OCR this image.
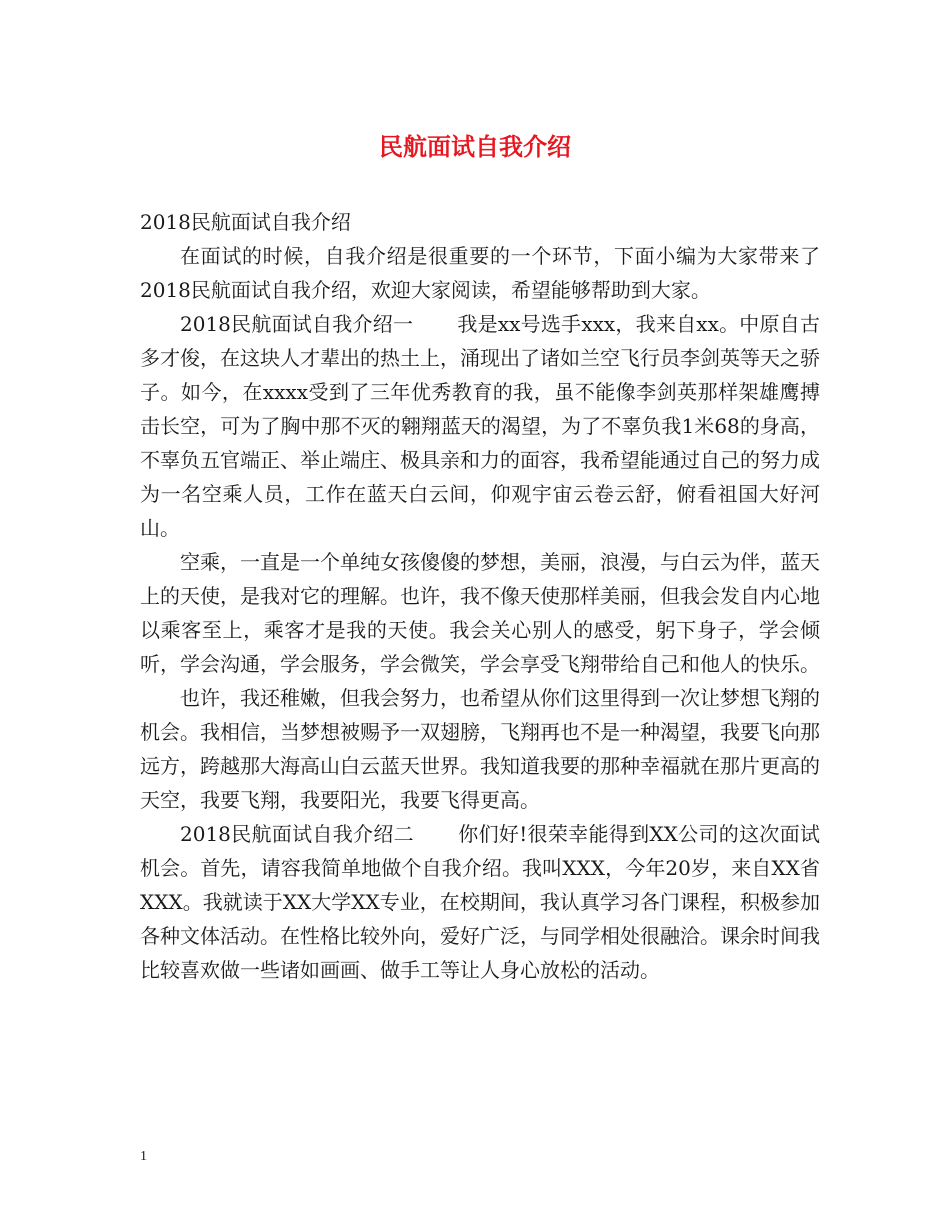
民航面试自我介绍

2018民航面试自我介绍

在面试的时候，自我介绍是很重要的一个环节，下面小编为大家带来了2018民航面试自我介绍，欢迎大家阅读，希望能够帮助到大家。

2018民航面试自我介绍一 我是xx号选手xxx，我来自xx。中原自古多才俊，在这块人才辈出的热土上，涌现出了诸如兰空飞行员李剑英等天之骄子。如今，在xxxx受到了三年优秀教育的我，虽不能像李剑英那样架雄鹰搏击长空，可为了胸中那不灭的翱翔蓝天的渴望，为了不辜负我1米68的身高，不辜负五官端正、举止端庄、极具亲和力的面容，我希望能通过自己的努力成为一名空乘人员，工作在蓝天白云间，仰观宇宙云卷云舒，俯看祖国大好河山。

空乘，一直是一个单纯女孩傻傻的梦想，美丽，浪漫，与白云为伴，蓝天上的天使，是我对它的理解。也许，我不像天使那样美丽，但我会发自内心地以乘客至上，乘客才是我的天使。我会关心别人的感受，躬下身子，学会倾听，学会沟通，学会服务，学会微笑，学会享受飞翔带给自己和他人的快乐。

也许，我还稚嫩，但我会努力，也希望从你们这里得到一次让梦想飞翔的机会。我相信，当梦想被赐予一双翅膀，飞翔再也不是一种渴望，我要飞向那远方，跨越那大海高山白云蓝天世界。我知道我要的那种幸福就在那片更高的天空，我要飞翔，我要阳光，我要飞得更高。

2018民航面试自我介绍二 你们好!很荣幸能得到XX公司的这次面试机会。首先，请容我简单地做个自我介绍。我叫XXX，今年20岁，来自XX省XXX。我就读于XX大学XX专业，在校期间，我认真学习各门课程，积极参加各种文体活动。在性格比较外向，爱好广泛，与同学相处很融洽。课余时间我比较喜欢做一些诸如画画、做手工等让人身心放松的活动。

1
